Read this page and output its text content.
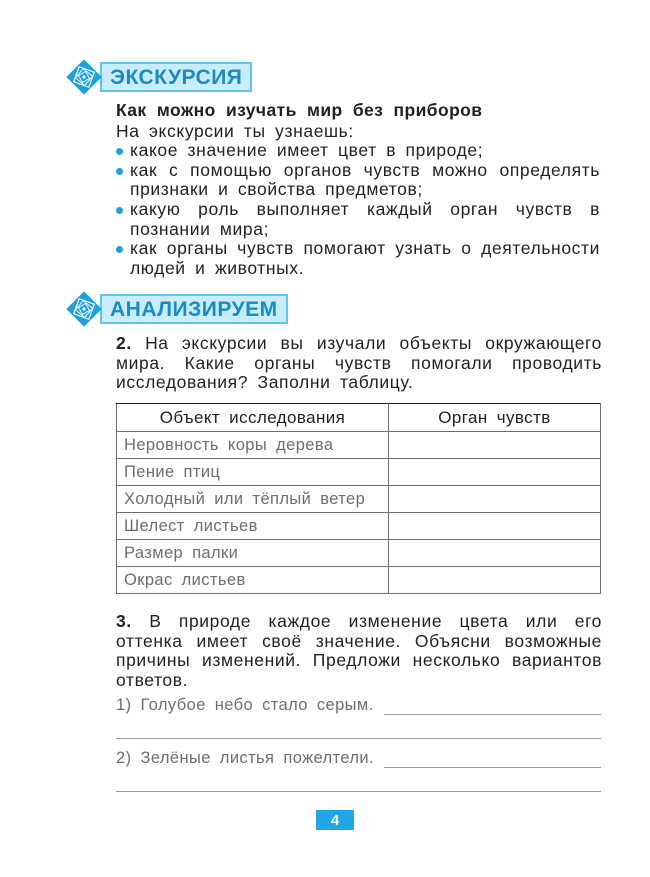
ЭКСКУРСИЯ
Как можно изучать мир без приборов
На экскурсии ты узнаешь:
какое значение имеет цвет в природе;
как с помощью органов чувств можно определять признаки и свойства предметов;
какую роль выполняет каждый орган чувств в познании мира;
как органы чувств помогают узнать о деятельности людей и животных.
АНАЛИЗИРУЕМ
2. На экскурсии вы изучали объекты окружающего мира. Какие органы чувств помогали проводить исследования? Заполни таблицу.
Объект исследования	Орган чувств
Неровность коры дерева	
Пение птиц	
Холодный или тёплый ветер	
Шелест листьев	
Размер палки	
Окрас листьев	
3. В природе каждое изменение цвета или его оттенка имеет своё значение. Объясни возможные причины изменений. Предложи несколько вариантов ответов.
1) Голубое небо стало серым.
2) Зелёные листья пожелтели.
4
